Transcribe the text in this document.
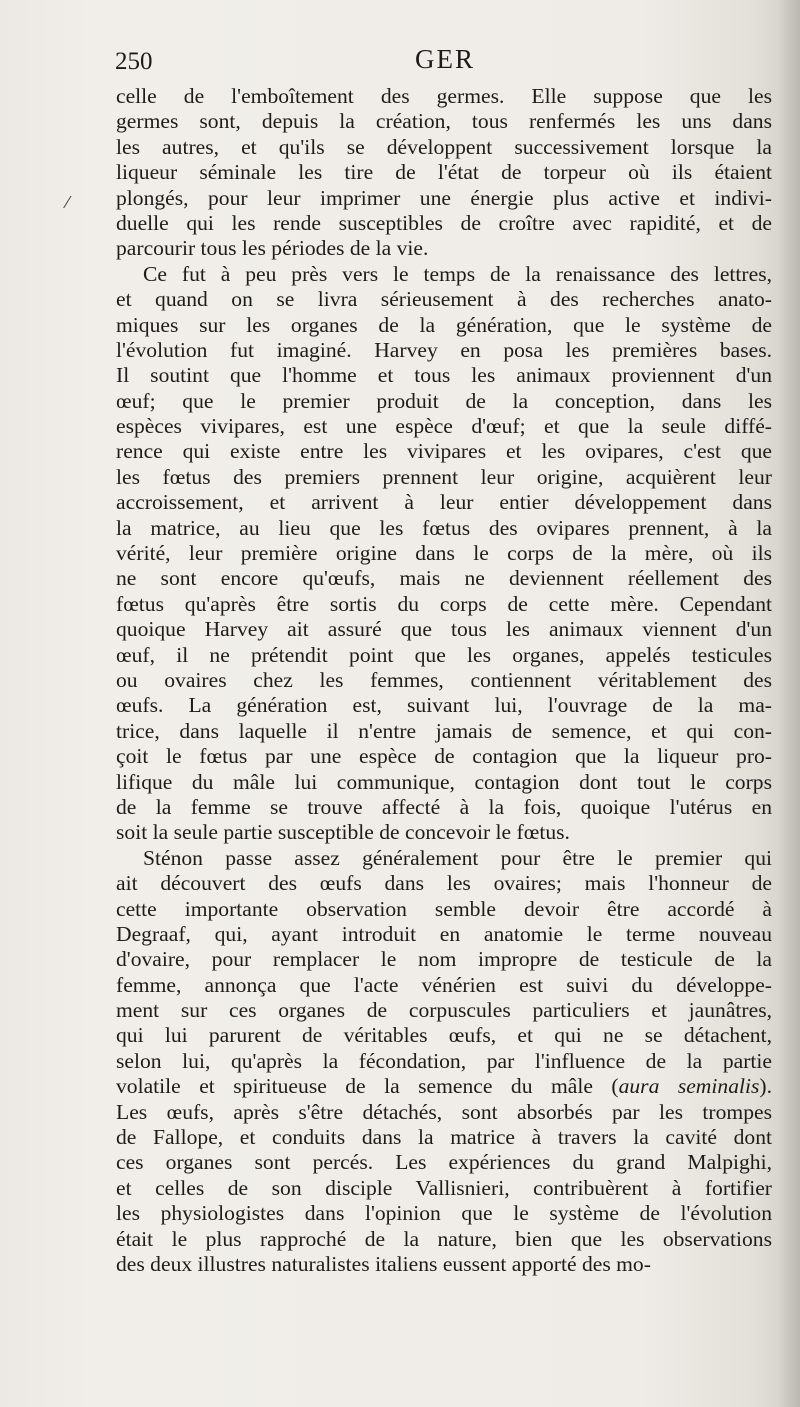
250	GER
⁄
celle de l'emboîtement des germes. Elle suppose que les
germes sont, depuis la création, tous renfermés les uns dans
les autres, et qu'ils se développent successivement lorsque la
liqueur séminale les tire de l'état de torpeur où ils étaient
plongés, pour leur imprimer une énergie plus active et indivi-
duelle qui les rende susceptibles de croître avec rapidité, et de
parcourir tous les périodes de la vie.
Ce fut à peu près vers le temps de la renaissance des lettres,
et quand on se livra sérieusement à des recherches anato-
miques sur les organes de la génération, que le système de
l'évolution fut imaginé. Harvey en posa les premières bases.
Il soutint que l'homme et tous les animaux proviennent d'un
œuf; que le premier produit de la conception, dans les
espèces vivipares, est une espèce d'œuf; et que la seule diffé-
rence qui existe entre les vivipares et les ovipares, c'est que
les fœtus des premiers prennent leur origine, acquièrent leur
accroissement, et arrivent à leur entier développement dans
la matrice, au lieu que les fœtus des ovipares prennent, à la
vérité, leur première origine dans le corps de la mère, où ils
ne sont encore qu'œufs, mais ne deviennent réellement des
fœtus qu'après être sortis du corps de cette mère. Cependant
quoique Harvey ait assuré que tous les animaux viennent d'un
œuf, il ne prétendit point que les organes, appelés testicules
ou ovaires chez les femmes, contiennent véritablement des
œufs. La génération est, suivant lui, l'ouvrage de la ma-
trice, dans laquelle il n'entre jamais de semence, et qui con-
çoit le fœtus par une espèce de contagion que la liqueur pro-
lifique du mâle lui communique, contagion dont tout le corps
de la femme se trouve affecté à la fois, quoique l'utérus en
soit la seule partie susceptible de concevoir le fœtus.
Sténon passe assez généralement pour être le premier qui
ait découvert des œufs dans les ovaires; mais l'honneur de
cette importante observation semble devoir être accordé à
Degraaf, qui, ayant introduit en anatomie le terme nouveau
d'ovaire, pour remplacer le nom impropre de testicule de la
femme, annonça que l'acte vénérien est suivi du développe-
ment sur ces organes de corpuscules particuliers et jaunâtres,
qui lui parurent de véritables œufs, et qui ne se détachent,
selon lui, qu'après la fécondation, par l'influence de la partie
volatile et spiritueuse de la semence du mâle (aura seminalis).
Les œufs, après s'être détachés, sont absorbés par les trompes
de Fallope, et conduits dans la matrice à travers la cavité dont
ces organes sont percés. Les expériences du grand Malpighi,
et celles de son disciple Vallisnieri, contribuèrent à fortifier
les physiologistes dans l'opinion que le système de l'évolution
était le plus rapproché de la nature, bien que les observations
des deux illustres naturalistes italiens eussent apporté des mo-
